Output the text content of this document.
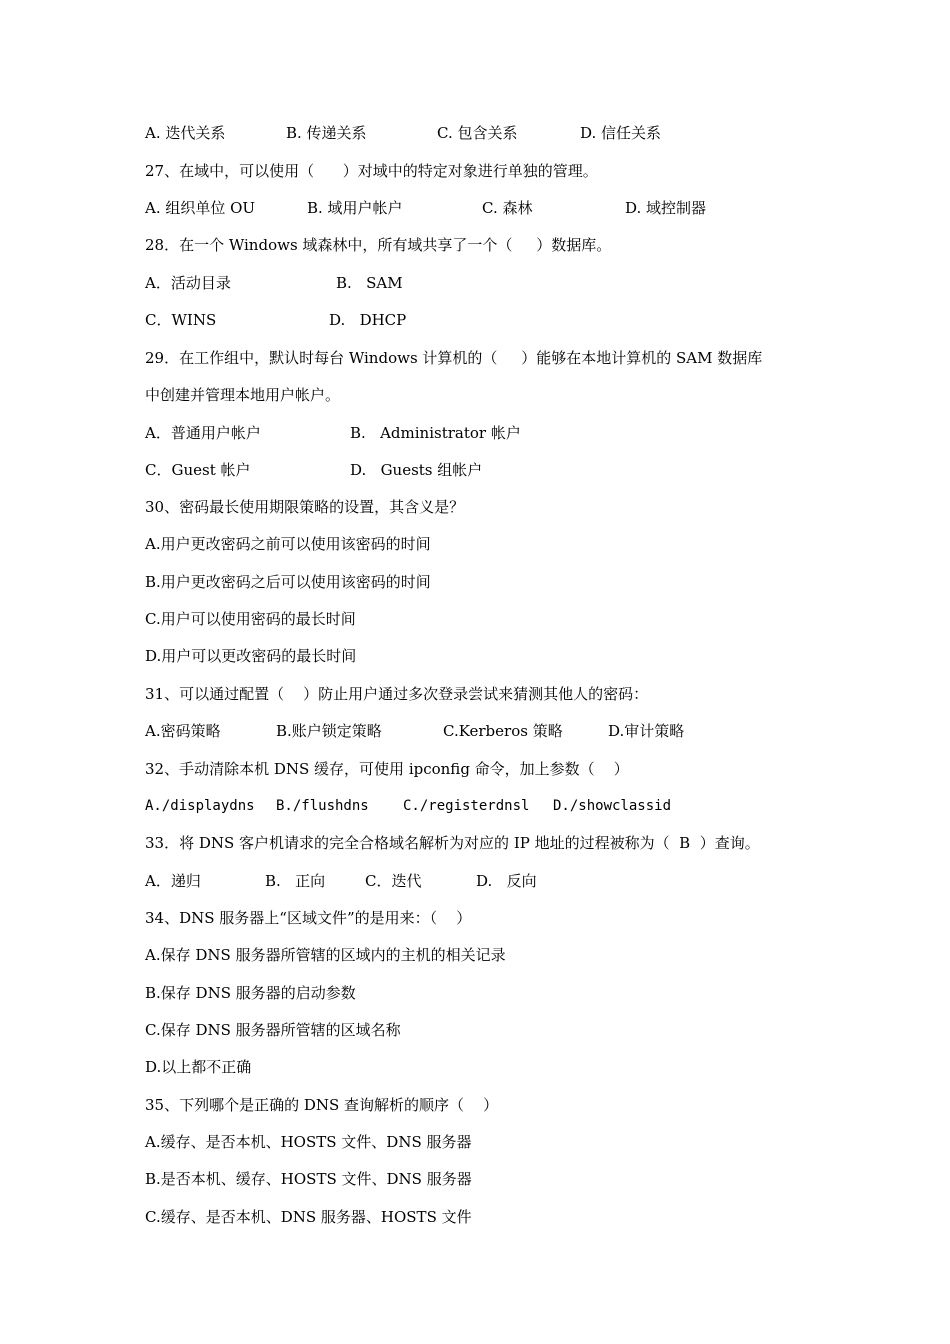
A. 迭代关系

	B. 传递关系

	C. 包含关系

	D. 信任关系

27、在域中，可以使用（      ）对域中的特定对象进行单独的管理。

A. 组织单位 OU

	B. 域用户帐户

	C. 森林

	D. 域控制器

28．在一个 Windows 域森林中，所有域共享了一个（     ）数据库。

A．活动目录

	B.   SAM

C．WINS

	D.   DHCP

29．在工作组中，默认时每台 Windows 计算机的（     ）能够在本地计算机的 SAM 数据库
中创建并管理本地用户帐户。

A．普通用户帐户

	B.   Administrator 帐户

C．Guest 帐户

	D.   Guests 组帐户

30、密码最长使用期限策略的设置，其含义是？
A.用户更改密码之前可以使用该密码的时间
B.用户更改密码之后可以使用该密码的时间
C.用户可以使用密码的最长时间
D.用户可以更改密码的最长时间
31、可以通过配置（    ）防止用户通过多次登录尝试来猜测其他人的密码：

A.密码策略

	B.账户锁定策略

	C.Kerberos 策略

	D.审计策略

32、手动清除本机 DNS 缓存，可使用 ipconfig 命令，加上参数（    ）

A./displaydns

B./flushdns

C./registerdnsl

D./showclassid

33．将 DNS 客户机请求的完全合格域名解析为对应的 IP 地址的过程被称为（  B  ）查询。

A．递归

	B.   正向

	C．迭代

	D.   反向

34、DNS 服务器上“区域文件”的是用来：（    ）
A.保存 DNS 服务器所管辖的区域内的主机的相关记录
B.保存 DNS 服务器的启动参数
C.保存 DNS 服务器所管辖的区域名称
D.以上都不正确
35、下列哪个是正确的 DNS 查询解析的顺序（    ）
A.缓存、是否本机、HOSTS 文件、DNS 服务器
B.是否本机、缓存、HOSTS 文件、DNS 服务器
C.缓存、是否本机、DNS 服务器、HOSTS 文件
